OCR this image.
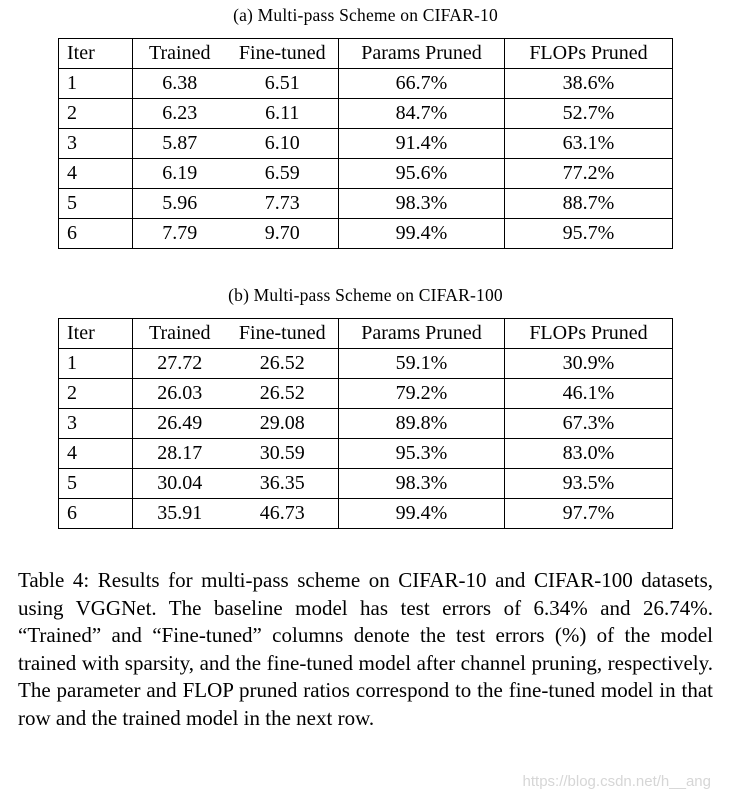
(a) Multi-pass Scheme on CIFAR-10
Iter	Trained	Fine-tuned	Params Pruned	FLOPs Pruned
1	6.38	6.51	66.7%	38.6%
2	6.23	6.11	84.7%	52.7%
3	5.87	6.10	91.4%	63.1%
4	6.19	6.59	95.6%	77.2%
5	5.96	7.73	98.3%	88.7%
6	7.79	9.70	99.4%	95.7%
(b) Multi-pass Scheme on CIFAR-100
Iter	Trained	Fine-tuned	Params Pruned	FLOPs Pruned
1	27.72	26.52	59.1%	30.9%
2	26.03	26.52	79.2%	46.1%
3	26.49	29.08	89.8%	67.3%
4	28.17	30.59	95.3%	83.0%
5	30.04	36.35	98.3%	93.5%
6	35.91	46.73	99.4%	97.7%

Table 4: Results for multi-pass scheme on CIFAR-10 and CIFAR-100 datasets, using VGGNet. The baseline model has test errors of 6.34% and 26.74%. “Trained” and “Fine-tuned” columns denote the test errors (%) of the model trained with sparsity, and the fine-tuned model after channel pruning, respectively. The parameter and FLOP pruned ratios correspond to the fine-tuned model in that row and the trained model in the next row.

https://blog.csdn.net/h__ang
